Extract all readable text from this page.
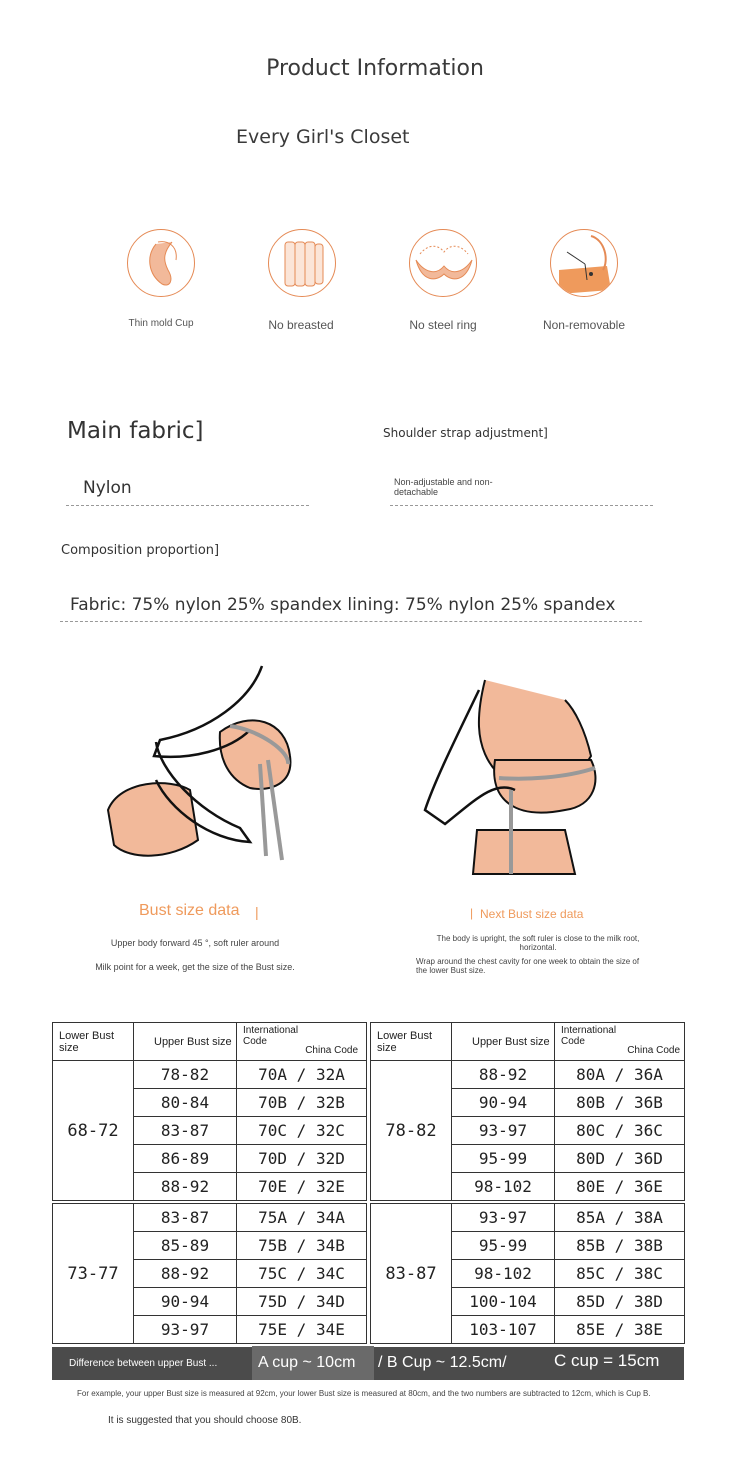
Product Information
Every Girl's Closet
Thin mold Cup	No breasted	No steel ring	Non-removable
Main fabric]	Shoulder strap adjustment]
Nylon	Non-adjustable and non-detachable
Composition proportion]
Fabric: 75% nylon 25% spandex lining: 75% nylon 25% spandex
Bust size data |
Upper body forward 45 °, soft ruler around
Milk point for a week, get the size of the Bust size.
| Next Bust size data
The body is upright, the soft ruler is close to the milk root, horizontal.
Wrap around the chest cavity for one week to obtain the size of the lower Bust size.
Lower Bust size	Upper Bust size	International Code
China Code

68-72	78-82	70A / 32A
	80-84	70B / 32B
	83-87	70C / 32C
	86-89	70D / 32D
	88-92	70E / 32E
73-77	83-87	75A / 34A
	85-89	75B / 34B
	88-92	75C / 34C
	90-94	75D / 34D
	93-97	75E / 34E
Lower Bust size	Upper Bust size	International Code
China Code

78-82	88-92	80A / 36A
	90-94	80B / 36B
	93-97	80C / 36C
	95-99	80D / 36D
	98-102	80E / 36E
83-87	93-97	85A / 38A
	95-99	85B / 38B
	98-102	85C / 38C
	100-104	85D / 38D
	103-107	85E / 38E
Difference between upper Bust ...	A cup ~ 10cm / B Cup ~ 12.5cm/	C cup = 15cm
For example, your upper Bust size is measured at 92cm, your lower Bust size is measured at 80cm, and the two numbers are subtracted to 12cm, which is Cup B.
It is suggested that you should choose 80B.
